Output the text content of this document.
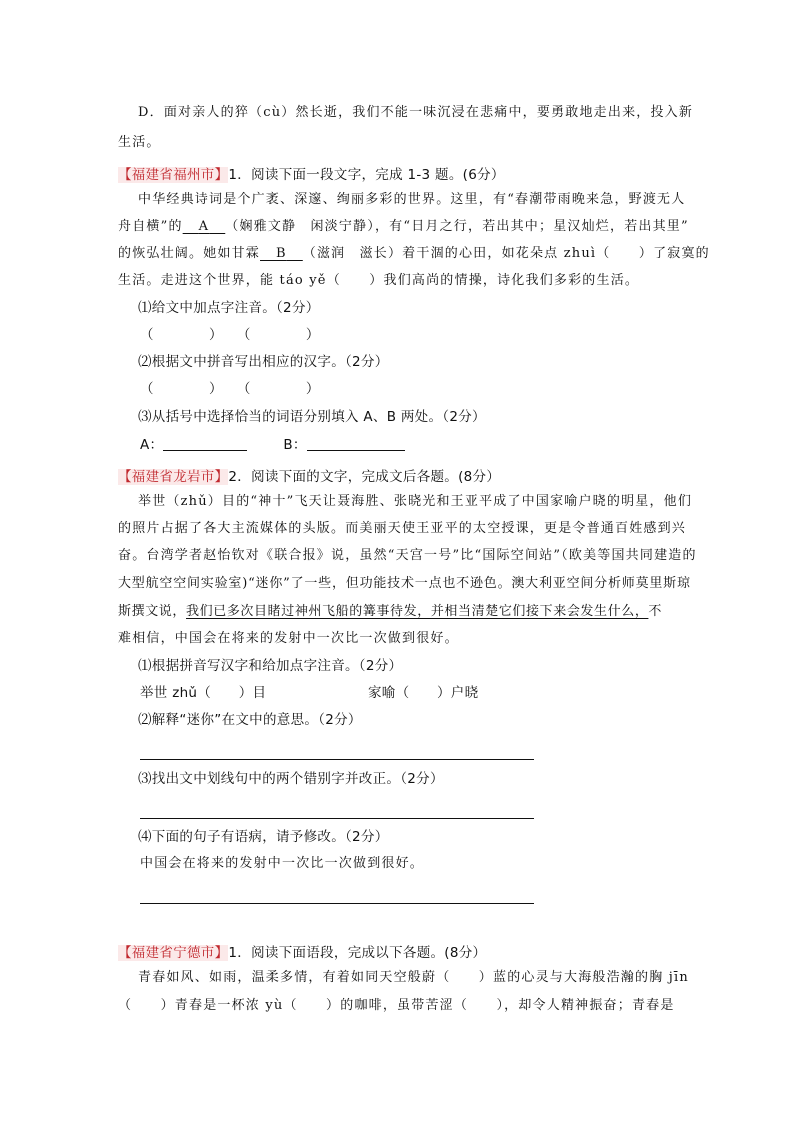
D．面对亲人的猝（cù）然长逝，我们不能一味沉浸在悲痛中，要勇敢地走出来，投入新
生活。
【福建省福州市】1．阅读下面一段文字，完成 1-3 题。(6分）
中华经典诗词是个广袤、深邃、绚丽多彩的世界。这里，有“春潮带雨晚来急，野渡无人
舟自横”的 A （娴雅文静　闲淡宁静），有“日月之行，若出其中；星汉灿烂，若出其里”
的恢弘壮阔。她如甘霖 B （滋润　滋长）着干涸的心田，如花朵点 zhuì（　　）了寂寞的
生活。走进这个世界，能 táo yě（　　）我们高尚的情操，诗化我们多彩的生活。
⑴给文中加点字注音。（2分）
（　　　　）　　（　　　　）
⑵根据文中拼音写出相应的汉字。（2分）
（　　　　）　　（　　　　）
⑶从括号中选择恰当的词语分别填入 A、B 两处。（2分）
A：	B：
【福建省龙岩市】2．阅读下面的文字，完成文后各题。(8分）
举世（zhǔ）目的“神十”飞天让聂海胜、张晓光和王亚平成了中国家喻户晓的明星，他们
的照片占据了各大主流媒体的头版。而美丽天使王亚平的太空授课，更是令普通百姓感到兴
奋。台湾学者赵怡钦对《联合报》说，虽然“天宫一号”比“国际空间站”（欧美等国共同建造的
大型航空空间实验室)“迷你”了一些，但功能技术一点也不逊色。澳大利亚空间分析师莫里斯琼
斯撰文说，我们已多次目睹过神州飞船的篝事待发，并相当清楚它们接下来会发生什么，不
难相信，中国会在将来的发射中一次比一次做到很好。
⑴根据拼音写汉字和给加点字注音。（2分）
举世 zhǔ（　　）目	家喻（　　）户晓
⑵解释“迷你”在文中的意思。（2分）
⑶找出文中划线句中的两个错别字并改正。（2分）
⑷下面的句子有语病，请予修改。（2分）
中国会在将来的发射中一次比一次做到很好。
【福建省宁德市】1．阅读下面语段，完成以下各题。(8分）
青春如风、如雨，温柔多情，有着如同天空般蔚（　　）蓝的心灵与大海般浩瀚的胸 jīn
（　　）青春是一杯浓 yù（　　）的咖啡，虽带苦涩（　　），却令人精神振奋；青春是
